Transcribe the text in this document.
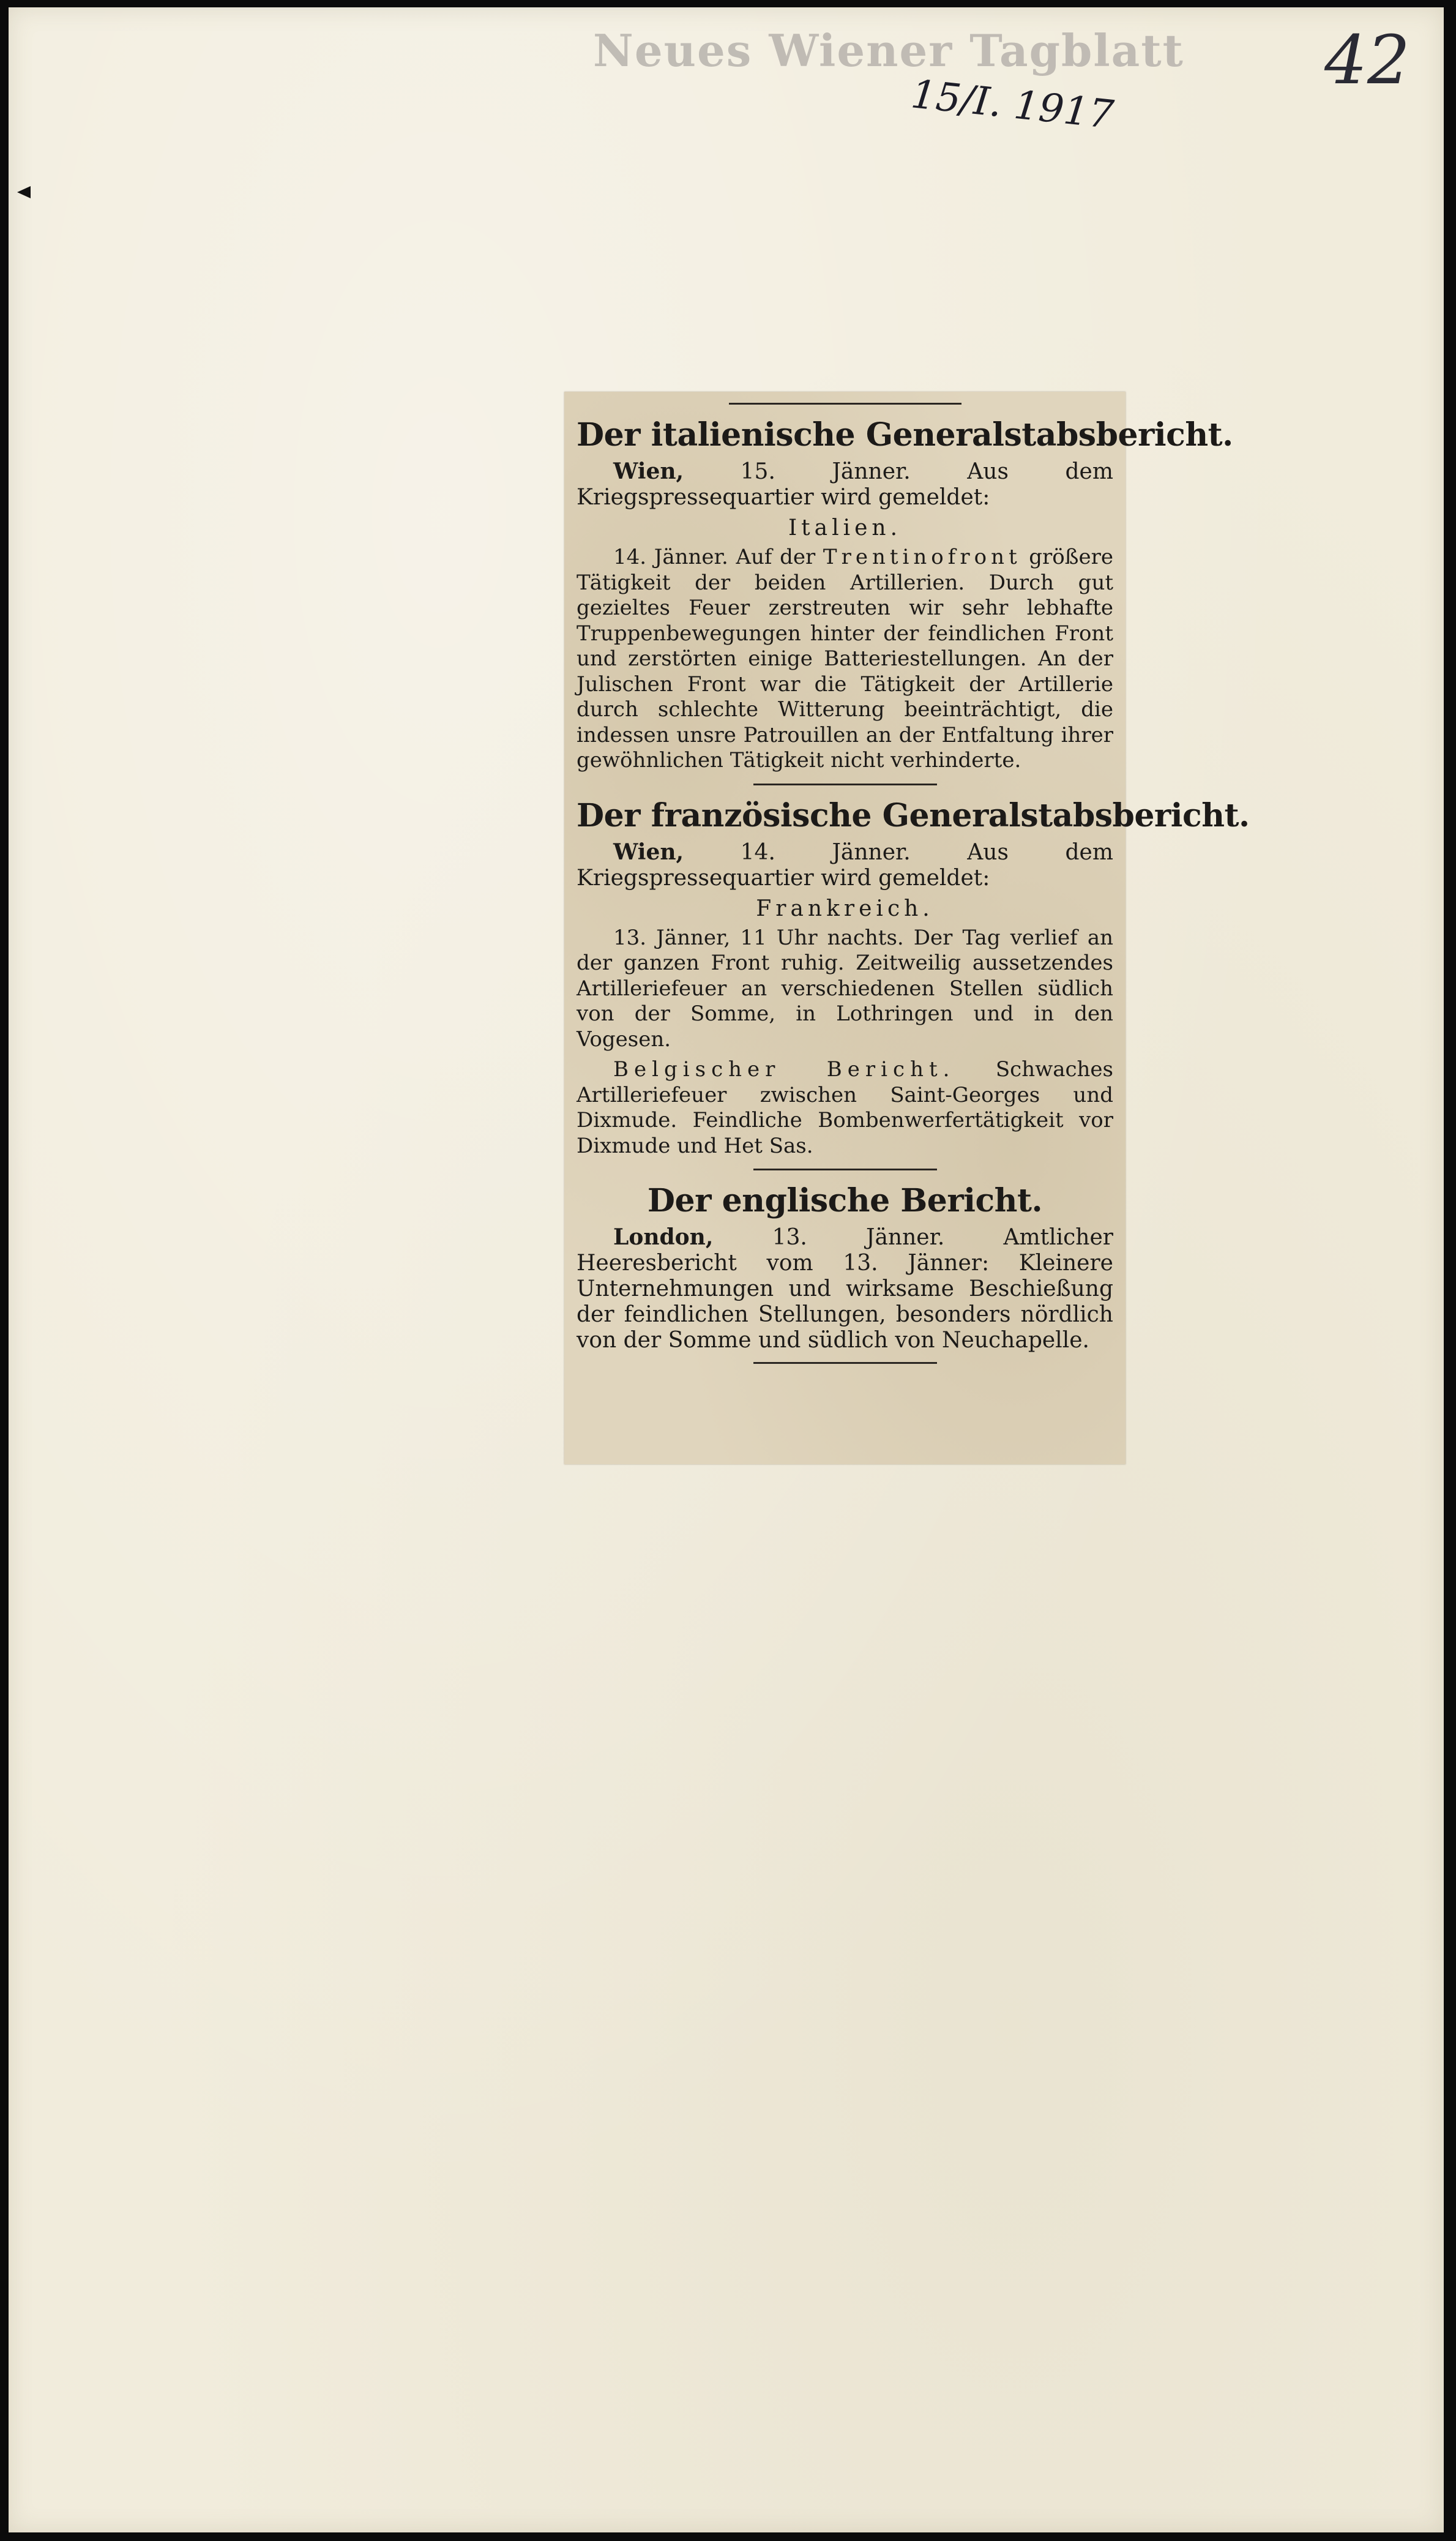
Neues Wiener Tagblatt
15/I. 1917
42
Der italienische Generalstabsbericht.

Wien, 15. Jänner. Aus dem Kriegspressequartier wird gemeldet:

Italien.

14. Jänner. Auf der Trentinofront größere Tätigkeit der beiden Artillerien. Durch gut gezieltes Feuer zerstreuten wir sehr lebhafte Truppenbewegungen hinter der feindlichen Front und zerstörten einige Batteriestellungen. An der Julischen Front war die Tätigkeit der Artillerie durch schlechte Witterung beeinträchtigt, die indessen unsre Patrouillen an der Entfaltung ihrer gewöhnlichen Tätigkeit nicht verhinderte.

Der französische Generalstabsbericht.

Wien, 14. Jänner. Aus dem Kriegspressequartier wird gemeldet:

Frankreich.

13. Jänner, 11 Uhr nachts. Der Tag verlief an der ganzen Front ruhig. Zeitweilig aussetzendes Artilleriefeuer an verschiedenen Stellen südlich von der Somme, in Lothringen und in den Vogesen.

Belgischer Bericht. Schwaches Artilleriefeuer zwischen Saint-Georges und Dixmude. Feindliche Bombenwerfertätigkeit vor Dixmude und Het Sas.

Der englische Bericht.

London, 13. Jänner. Amtlicher Heeresbericht vom 13. Jänner: Kleinere Unternehmungen und wirksame Beschießung der feindlichen Stellungen, besonders nördlich von der Somme und südlich von Neuchapelle.
